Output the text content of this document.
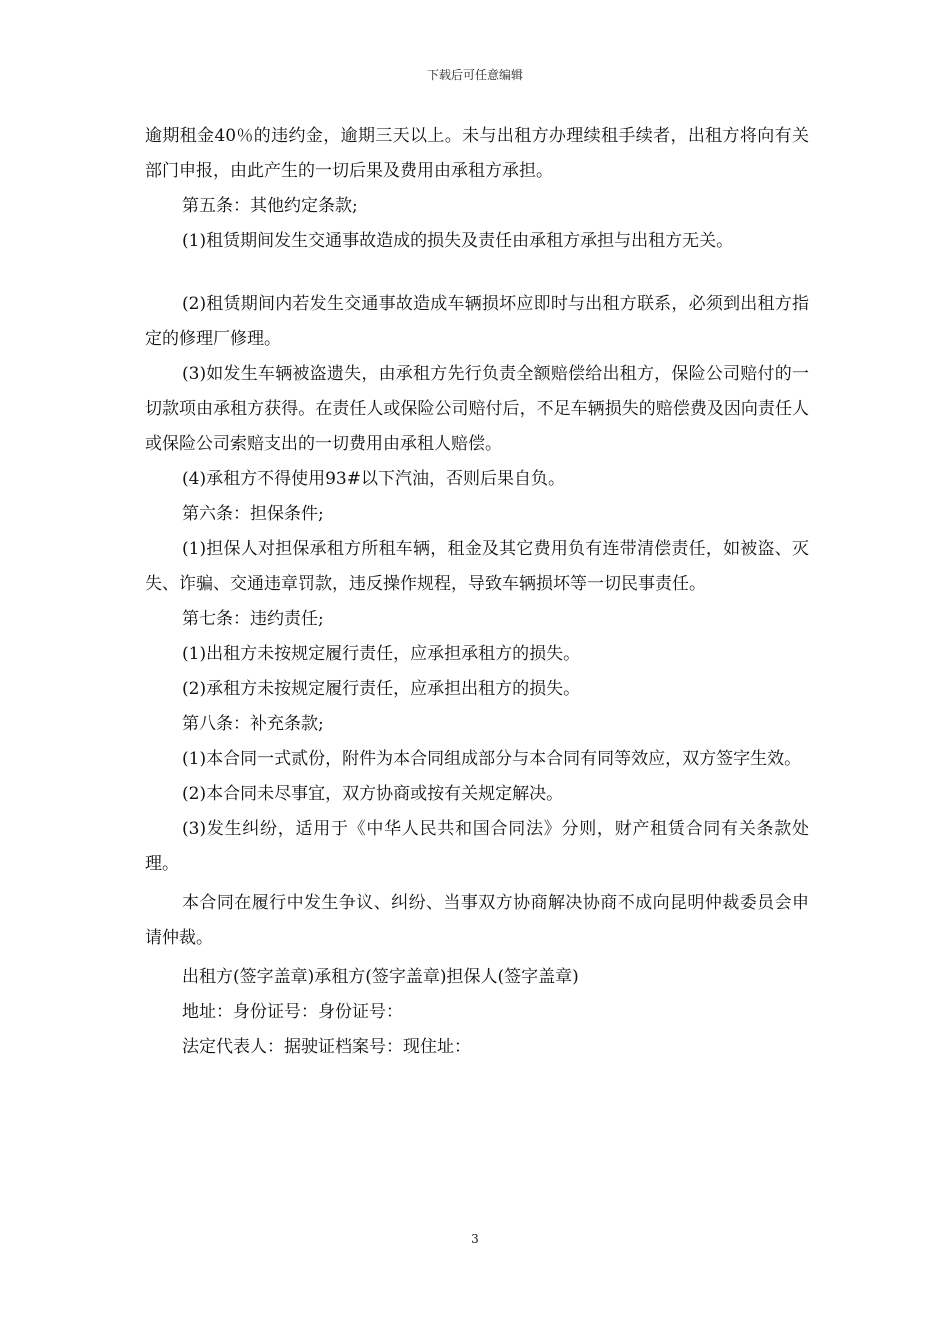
下载后可任意编辑

逾期租金40％的违约金，逾期三天以上。未与出租方办理续租手续者，出租方将向有关部门申报，由此产生的一切后果及费用由承租方承担。

第五条：其他约定条款;

(1)租赁期间发生交通事故造成的损失及责任由承租方承担与出租方无关。

(2)租赁期间内若发生交通事故造成车辆损坏应即时与出租方联系，必须到出租方指定的修理厂修理。

(3)如发生车辆被盗遗失，由承租方先行负责全额赔偿给出租方，保险公司赔付的一切款项由承租方获得。在责任人或保险公司赔付后，不足车辆损失的赔偿费及因向责任人或保险公司索赔支出的一切费用由承租人赔偿。

(4)承租方不得使用93#以下汽油，否则后果自负。

第六条：担保条件;

(1)担保人对担保承租方所租车辆，租金及其它费用负有连带清偿责任，如被盗、灭失、诈骗、交通违章罚款，违反操作规程，导致车辆损坏等一切民事责任。

第七条：违约责任;

(1)出租方未按规定履行责任，应承担承租方的损失。

(2)承租方未按规定履行责任，应承担出租方的损失。

第八条：补充条款;

(1)本合同一式贰份，附件为本合同组成部分与本合同有同等效应，双方签字生效。

(2)本合同未尽事宜，双方协商或按有关规定解决。

(3)发生纠纷，适用于《中华人民共和国合同法》分则，财产租赁合同有关条款处理。

本合同在履行中发生争议、纠纷、当事双方协商解决协商不成向昆明仲裁委员会申请仲裁。

出租方(签字盖章)承租方(签字盖章)担保人(签字盖章)

地址：身份证号：身份证号：

法定代表人：据驶证档案号：现住址：

3
